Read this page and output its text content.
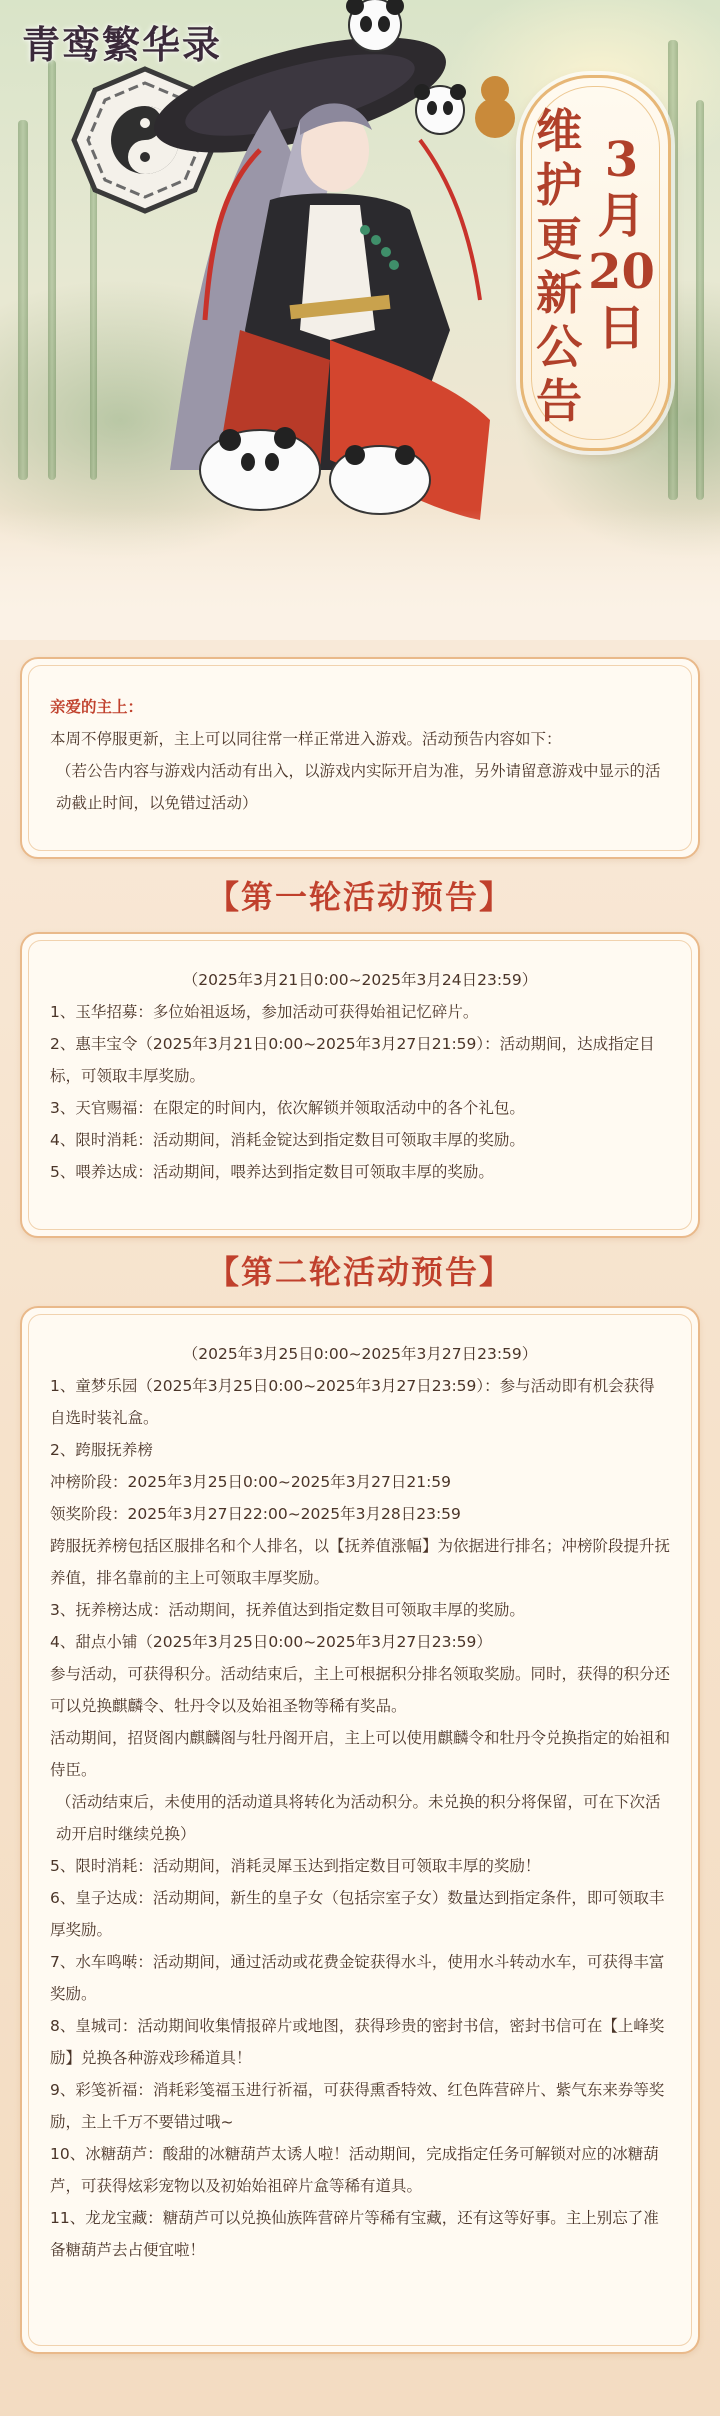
青鸾繁华录
维
护
更
新
公
告
3
月
20
日

亲爱的主上：

本周不停服更新，主上可以同往常一样正常进入游戏。活动预告内容如下：

（若公告内容与游戏内活动有出入，以游戏内实际开启为准，另外请留意游戏中显示的活动截止时间，以免错过活动）

【第一轮活动预告】

（2025年3月21日0:00~2025年3月24日23:59）

1、玉华招募：多位始祖返场，参加活动可获得始祖记忆碎片。

2、惠丰宝令（2025年3月21日0:00~2025年3月27日21:59）：活动期间，达成指定目标，可领取丰厚奖励。

3、天官赐福：在限定的时间内，依次解锁并领取活动中的各个礼包。

4、限时消耗：活动期间，消耗金锭达到指定数目可领取丰厚的奖励。

5、喂养达成：活动期间，喂养达到指定数目可领取丰厚的奖励。

【第二轮活动预告】

（2025年3月25日0:00~2025年3月27日23:59）

1、童梦乐园（2025年3月25日0:00~2025年3月27日23:59）：参与活动即有机会获得自选时装礼盒。

2、跨服抚养榜

冲榜阶段：2025年3月25日0:00~2025年3月27日21:59

领奖阶段：2025年3月27日22:00~2025年3月28日23:59

跨服抚养榜包括区服排名和个人排名，以【抚养值涨幅】为依据进行排名；冲榜阶段提升抚养值，排名靠前的主上可领取丰厚奖励。

3、抚养榜达成：活动期间，抚养值达到指定数目可领取丰厚的奖励。

4、甜点小铺（2025年3月25日0:00~2025年3月27日23:59）

参与活动，可获得积分。活动结束后，主上可根据积分排名领取奖励。同时，获得的积分还可以兑换麒麟令、牡丹令以及始祖圣物等稀有奖品。

活动期间，招贤阁内麒麟阁与牡丹阁开启，主上可以使用麒麟令和牡丹令兑换指定的始祖和侍臣。

（活动结束后，未使用的活动道具将转化为活动积分。未兑换的积分将保留，可在下次活动开启时继续兑换）

5、限时消耗：活动期间，消耗灵犀玉达到指定数目可领取丰厚的奖励！

6、皇子达成：活动期间，新生的皇子女（包括宗室子女）数量达到指定条件，即可领取丰厚奖励。

7、水车鸣啭：活动期间，通过活动或花费金锭获得水斗，使用水斗转动水车，可获得丰富奖励。

8、皇城司：活动期间收集情报碎片或地图，获得珍贵的密封书信，密封书信可在【上峰奖励】兑换各种游戏珍稀道具！

9、彩笺祈福：消耗彩笺福玉进行祈福，可获得熏香特效、红色阵营碎片、紫气东来券等奖励，主上千万不要错过哦~

10、冰糖葫芦：酸甜的冰糖葫芦太诱人啦！活动期间，完成指定任务可解锁对应的冰糖葫芦，可获得炫彩宠物以及初始始祖碎片盒等稀有道具。

11、龙龙宝藏：糖葫芦可以兑换仙族阵营碎片等稀有宝藏，还有这等好事。主上别忘了准备糖葫芦去占便宜啦！
